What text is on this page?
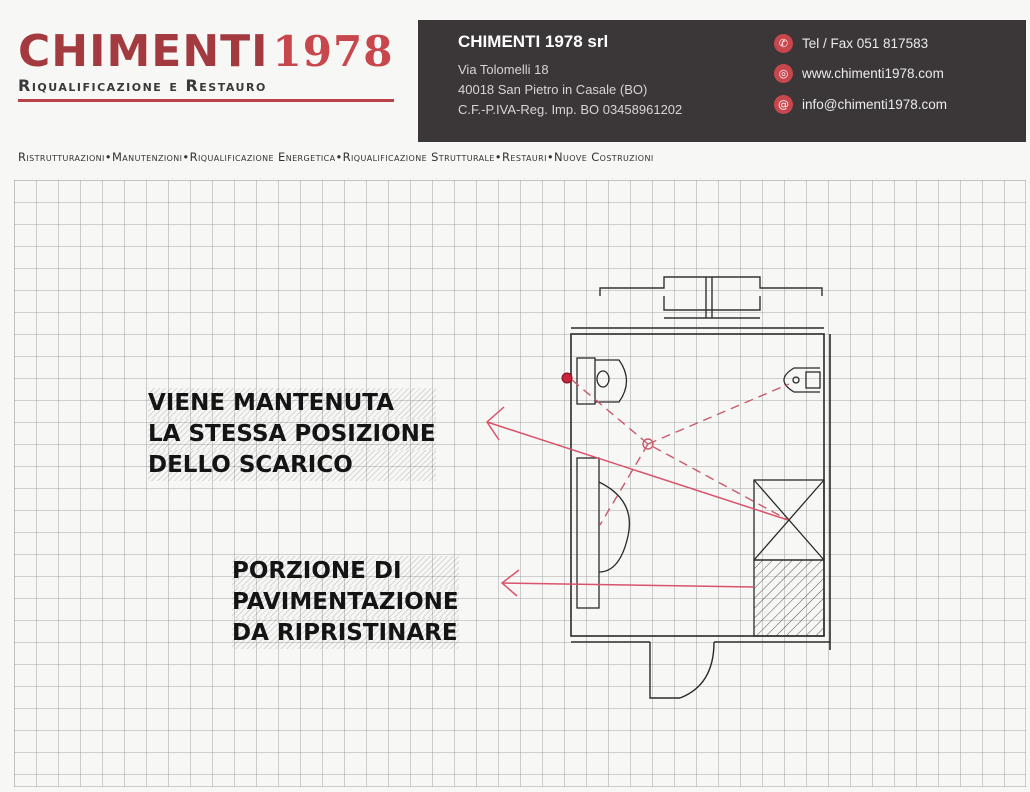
CHIMENTI1978
Riqualificazione e Restauro
CHIMENTI 1978 srl
Via Tolomelli 18
40018 San Pietro in Casale (BO)
C.F.-P.IVA-Reg. Imp. BO 03458961202
✆	Tel / Fax 051 817583
◎	www.chimenti1978.com
@ info@chimenti1978.com
Ristrutturazioni•Manutenzioni•Riqualificazione Energetica•Riqualificazione Strutturale•Restauri•Nuove Costruzioni
VIENE MANTENUTA
LA STESSA POSIZIONE
DELLO SCARICO
PORZIONE DI
PAVIMENTAZIONE
DA RIPRISTINARE
